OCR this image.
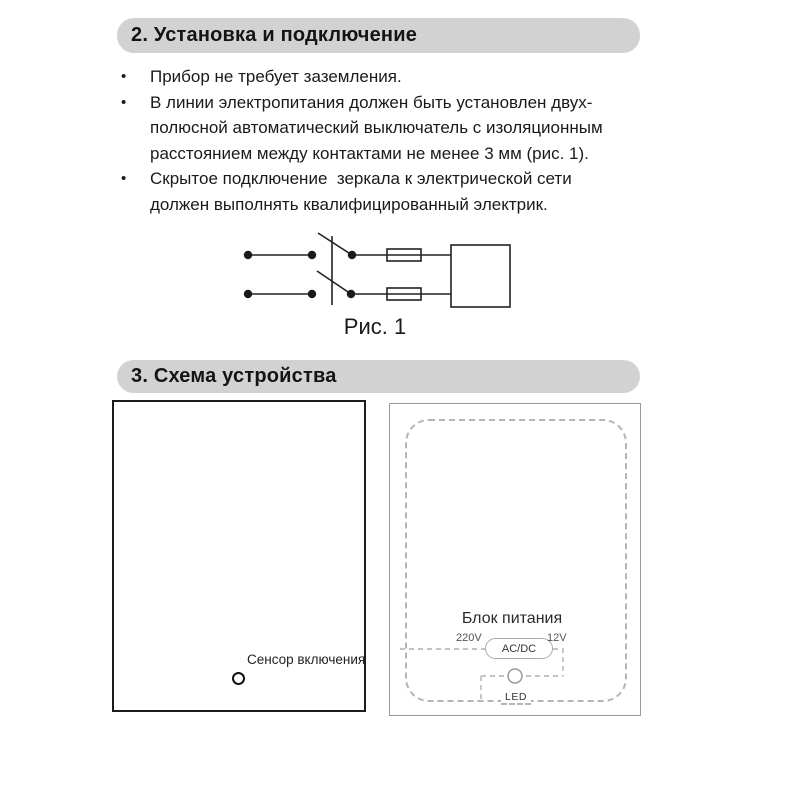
2. Установка и подключение
•	Прибор не требует заземления.
•	В линии электропитания должен быть установлен двух-
полюсной автоматический выключатель с изоляционным
расстоянием между контактами не менее 3 мм (рис. 1).
•	Скрытое подключение  зеркала к электрической сети
должен выполнять квалифицированный электрик.
Рис. 1
3. Схема устройства
Сенсор включения
Блок питания
220V
AC/DC
12V
LED
